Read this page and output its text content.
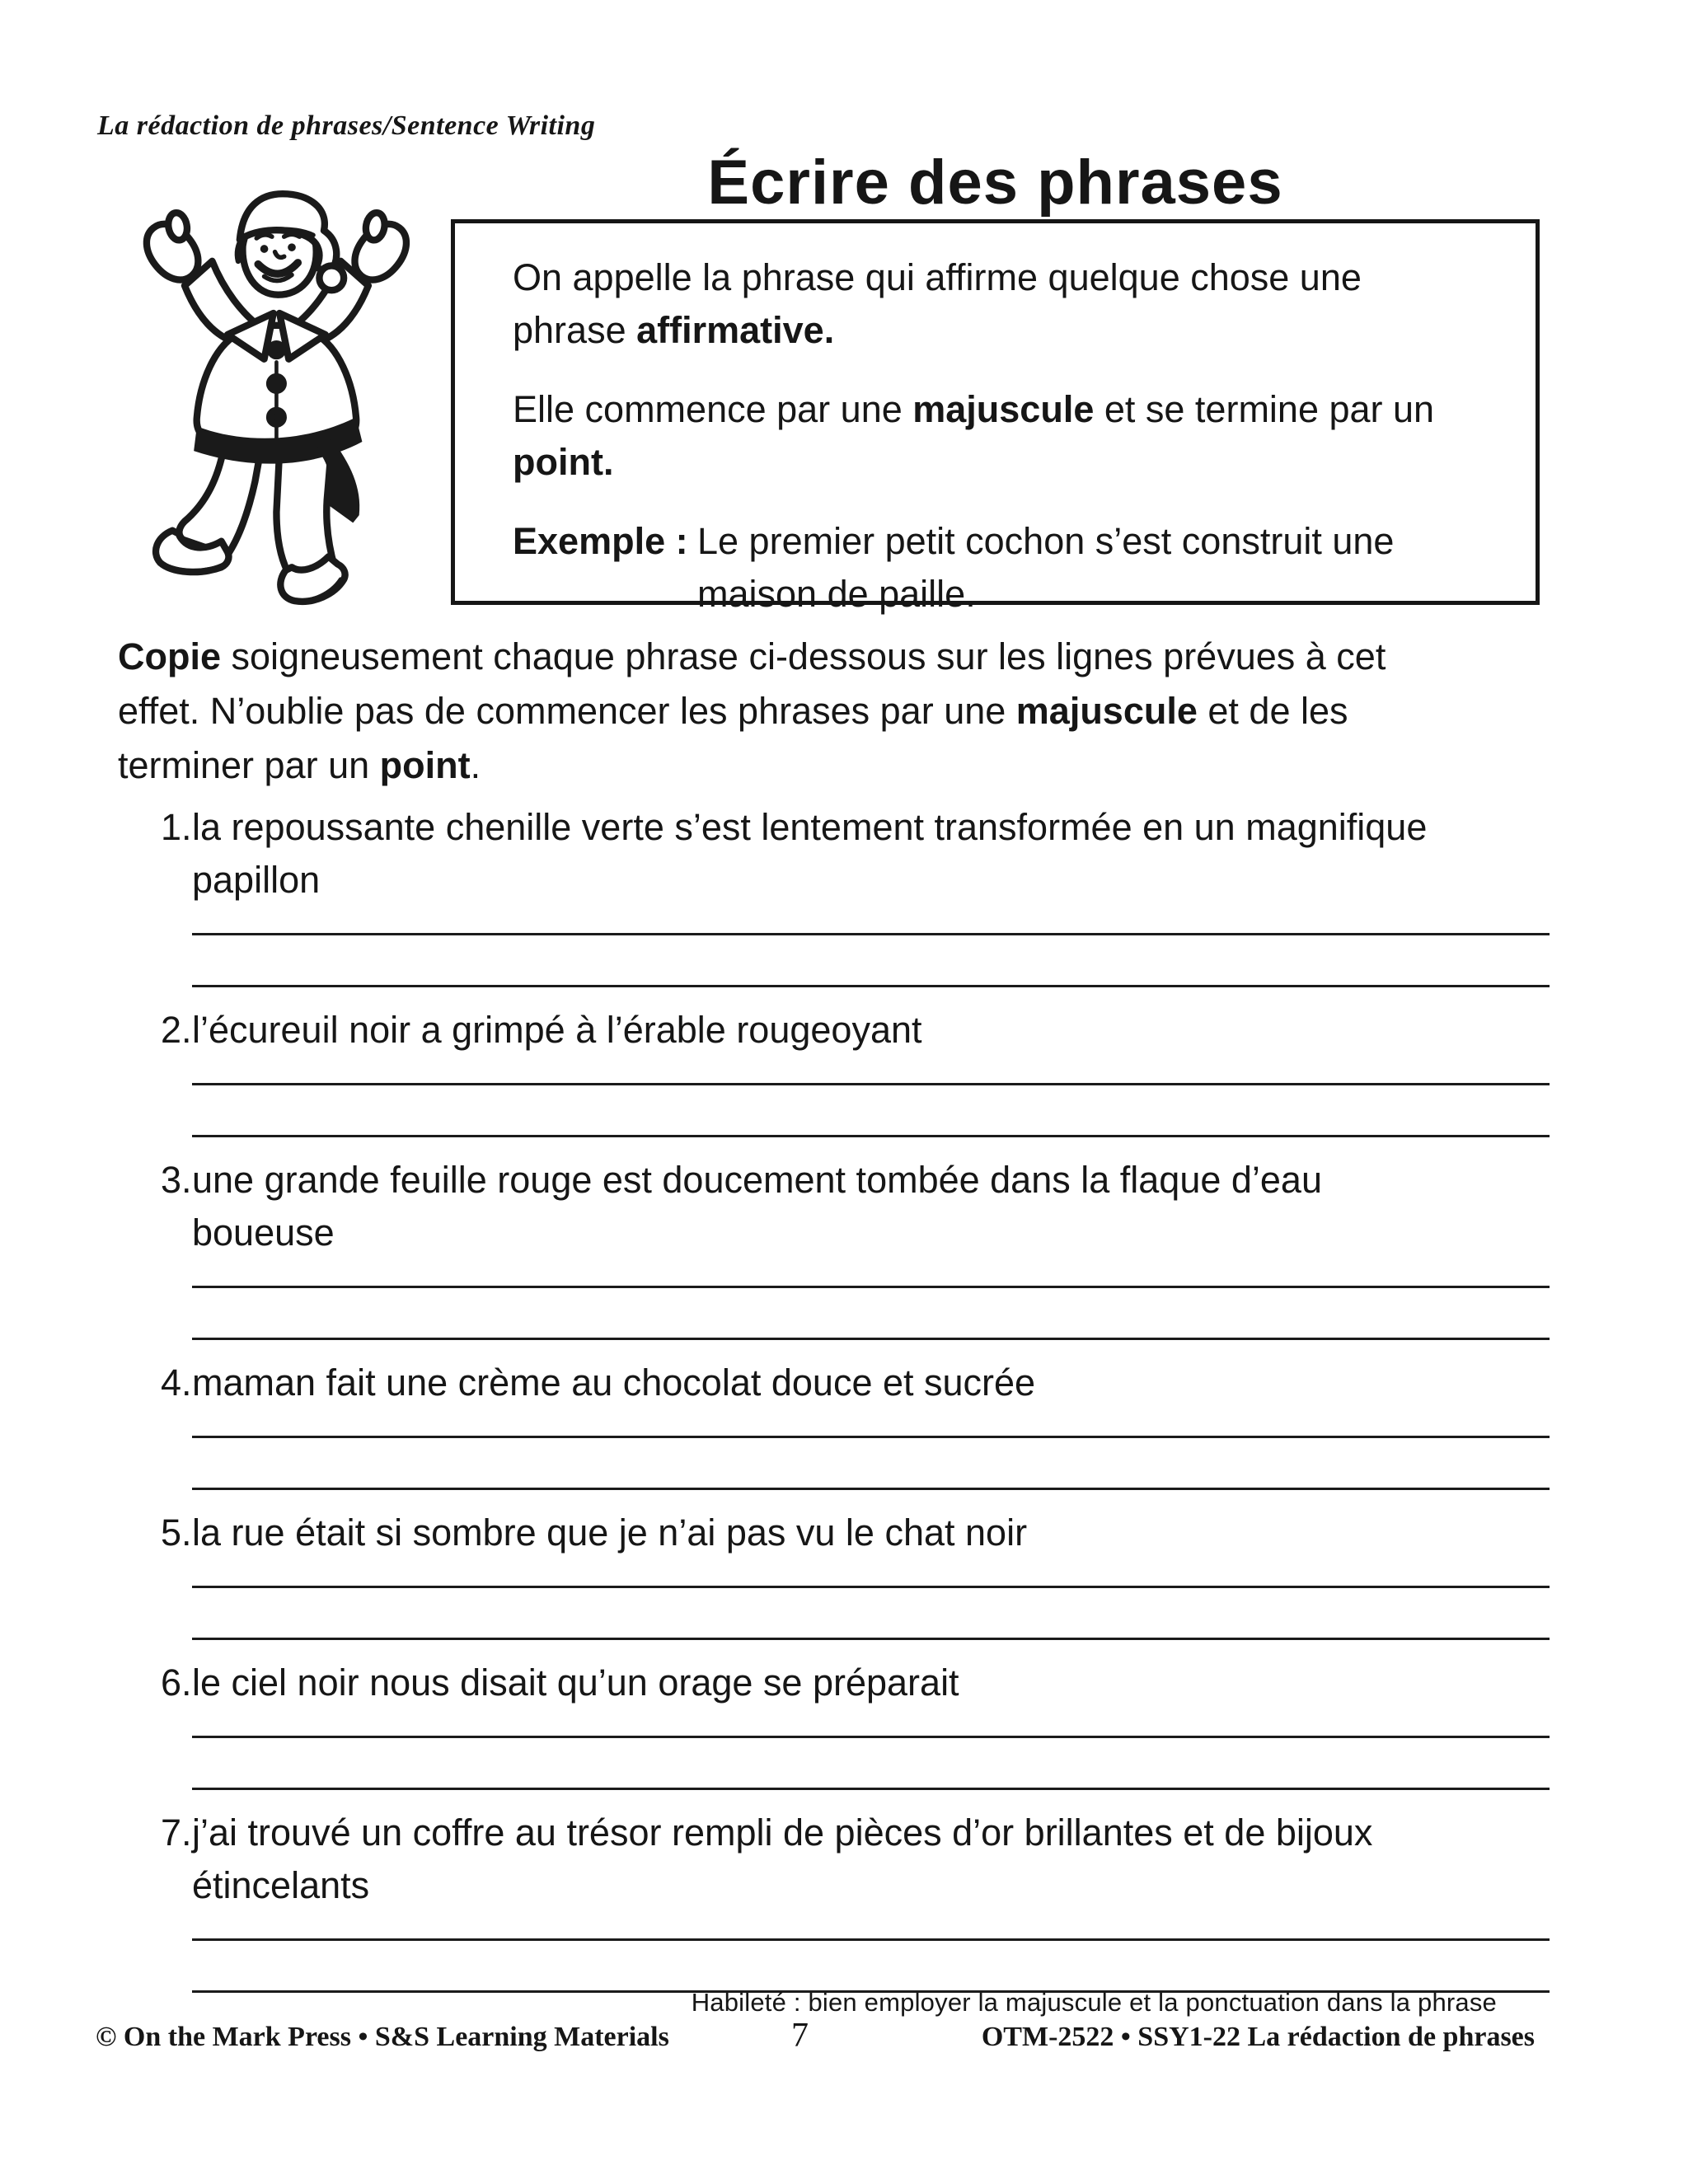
La rédaction de phrases/Sentence Writing
Écrire des phrases

On appelle la phrase qui affirme quelque chose une
phrase affirmative.

Elle commence par une majuscule et se termine par un
point.

Exemple : Le premier petit cochon s’est construit une
maison de paille.
Copie soigneusement chaque phrase ci-dessous sur les lignes prévues à cet
effet. N’oublie pas de commencer les phrases par une majuscule et de les
terminer par un point.
1. la repoussante chenille verte s’est lentement transformée en un magnifique
papillon
2. l’écureuil noir a grimpé à l’érable rougeoyant
3. une grande feuille rouge est doucement tombée dans la flaque d’eau
boueuse
4. maman fait une crème au chocolat douce et sucrée
5. la rue était si sombre que je n’ai pas vu le chat noir
6. le ciel noir nous disait qu’un orage se préparait
7. j’ai trouvé un coffre au trésor rempli de pièces d’or brillantes et de bijoux
étincelants
Habileté : bien employer la majuscule et la ponctuation dans la phrase
© On the Mark Press • S&S Learning Materials	7	OTM-2522 • SSY1-22 La rédaction de phrases
